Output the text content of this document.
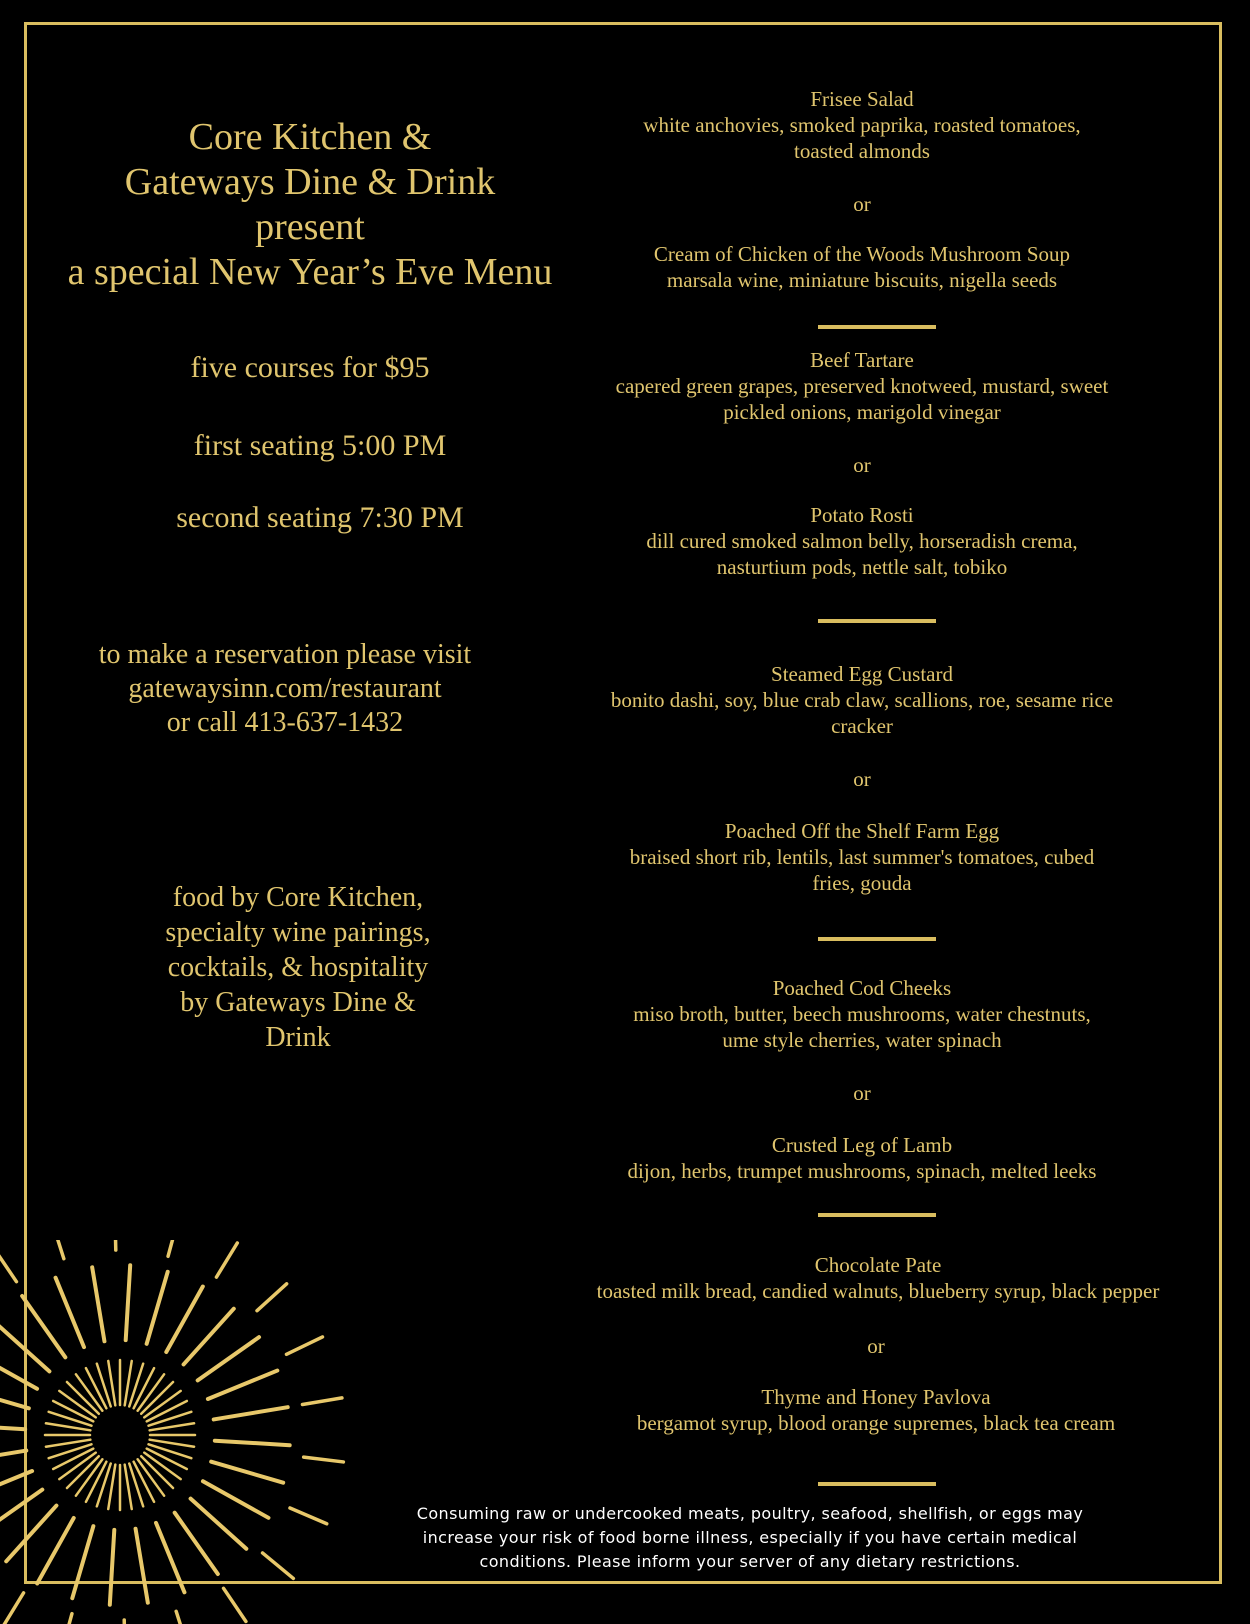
Core Kitchen &
Gateways Dine & Drink
present
a special New Year’s Eve Menu
five courses for $95
first seating 5:00 PM
second seating 7:30 PM
to make a reservation please visit
gatewaysinn.com/restaurant
or call 413-637-1432
food by Core Kitchen,
specialty wine pairings,
cocktails, & hospitality
by Gateways Dine &
Drink
Frisee Salad
white anchovies, smoked paprika, roasted tomatoes,
toasted almonds
or
Cream of Chicken of the Woods Mushroom Soup
marsala wine, miniature biscuits, nigella seeds
Beef Tartare
capered green grapes, preserved knotweed, mustard, sweet
pickled onions, marigold vinegar
or
Potato Rosti
dill cured smoked salmon belly, horseradish crema,
nasturtium pods, nettle salt, tobiko
Steamed Egg Custard
bonito dashi, soy, blue crab claw, scallions, roe, sesame rice
cracker
or
Poached Off the Shelf Farm Egg
braised short rib, lentils, last summer's tomatoes, cubed
fries, gouda
Poached Cod Cheeks
miso broth, butter, beech mushrooms, water chestnuts,
ume style cherries, water spinach
or
Crusted Leg of Lamb
dijon, herbs, trumpet mushrooms, spinach, melted leeks
Chocolate Pate
toasted milk bread, candied walnuts, blueberry syrup, black pepper
or
Thyme and Honey Pavlova
bergamot syrup, blood orange supremes, black tea cream
Consuming raw or undercooked meats, poultry, seafood, shellfish, or eggs may
increase your risk of food borne illness, especially if you have certain medical
conditions. Please inform your server of any dietary restrictions.
